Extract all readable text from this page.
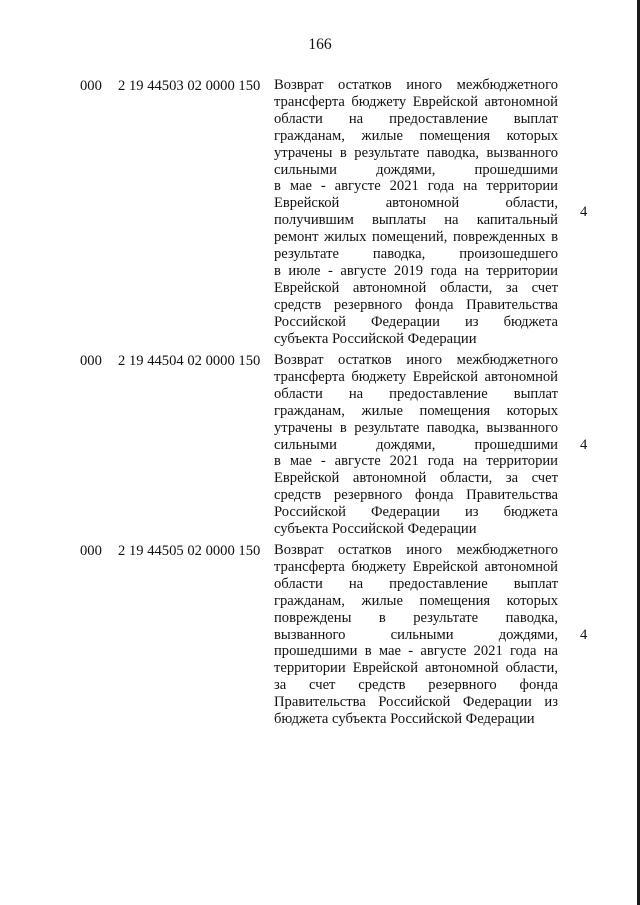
166
000 2 19 44503 02 0000 150 Возврат остатков иного межбюджетного
трансферта бюджету Еврейской автономной
области на предоставление выплат
гражданам, жилые помещения которых
утрачены в результате паводка, вызванного
сильными дождями, прошедшими
в мае - августе 2021 года на территории
Еврейской автономной области,
получившим выплаты на капитальный
ремонт жилых помещений, поврежденных в
результате паводка, произошедшего
в июле - августе 2019 года на территории
Еврейской автономной области, за счет
средств резервного фонда Правительства
Российской Федерации из бюджета
субъекта Российской Федерации

4
000 2 19 44504 02 0000 150 Возврат остатков иного межбюджетного
трансферта бюджету Еврейской автономной
области на предоставление выплат
гражданам, жилые помещения которых
утрачены в результате паводка, вызванного
сильными дождями, прошедшими
в мае - августе 2021 года на территории
Еврейской автономной области, за счет
средств резервного фонда Правительства
Российской Федерации из бюджета
субъекта Российской Федерации

4
000 2 19 44505 02 0000 150 Возврат остатков иного межбюджетного
трансферта бюджету Еврейской автономной
области на предоставление выплат
гражданам, жилые помещения которых
повреждены в результате паводка,
вызванного сильными дождями,
прошедшими в мае - августе 2021 года на
территории Еврейской автономной области,
за счет средств резервного фонда
Правительства Российской Федерации из
бюджета субъекта Российской Федерации

4
